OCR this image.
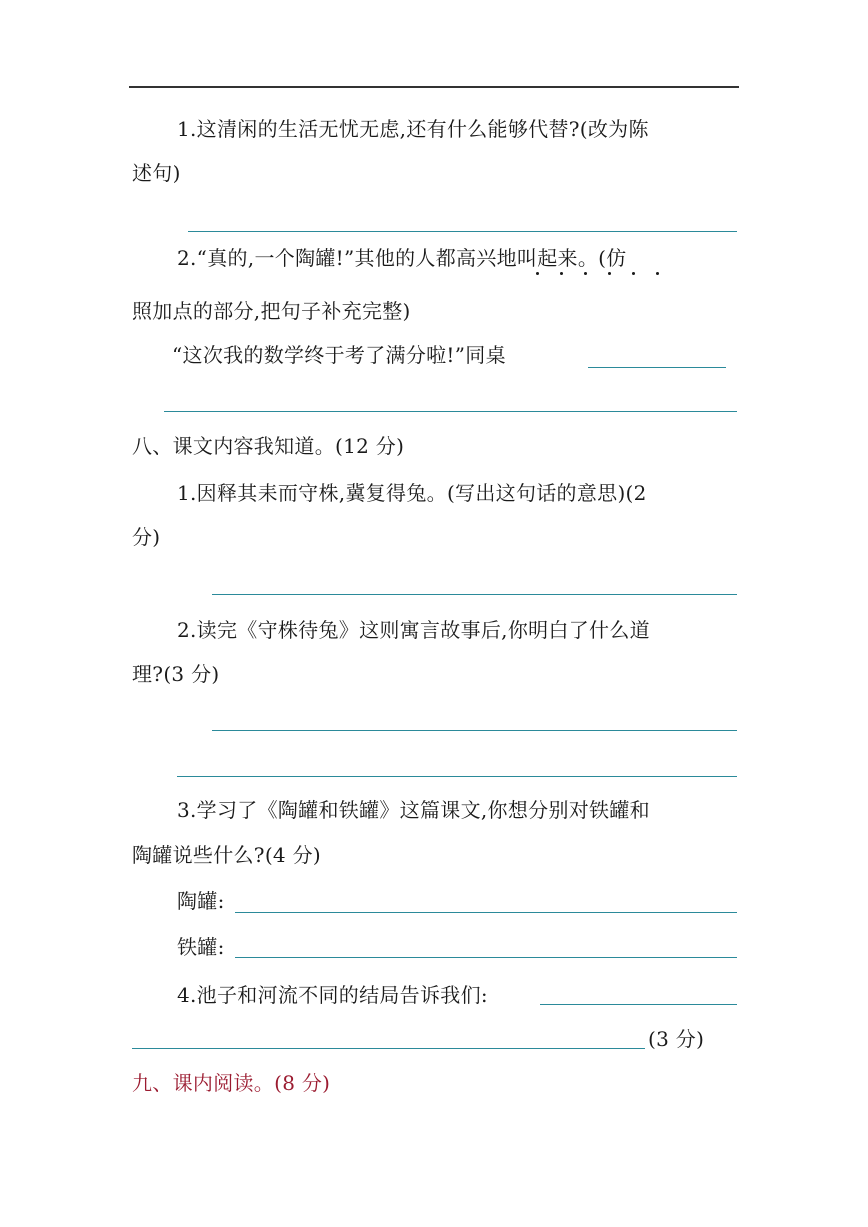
1.这清闲的生活无忧无虑,还有什么能够代替?(改为陈
述句)
2.“真的,一个陶罐!”其他的人都高兴地叫起来。(仿
照加点的部分,把句子补充完整)
“这次我的数学终于考了满分啦!”同桌
八、课文内容我知道。(12 分)
1.因释其耒而守株,冀复得兔。(写出这句话的意思)(2
分)
2.读完《守株待兔》这则寓言故事后,你明白了什么道
理?(3 分)
3.学习了《陶罐和铁罐》这篇课文,你想分别对铁罐和
陶罐说些什么?(4 分)
陶罐:
铁罐:
4.池子和河流不同的结局告诉我们:
(3 分)
九、课内阅读。(8 分)
